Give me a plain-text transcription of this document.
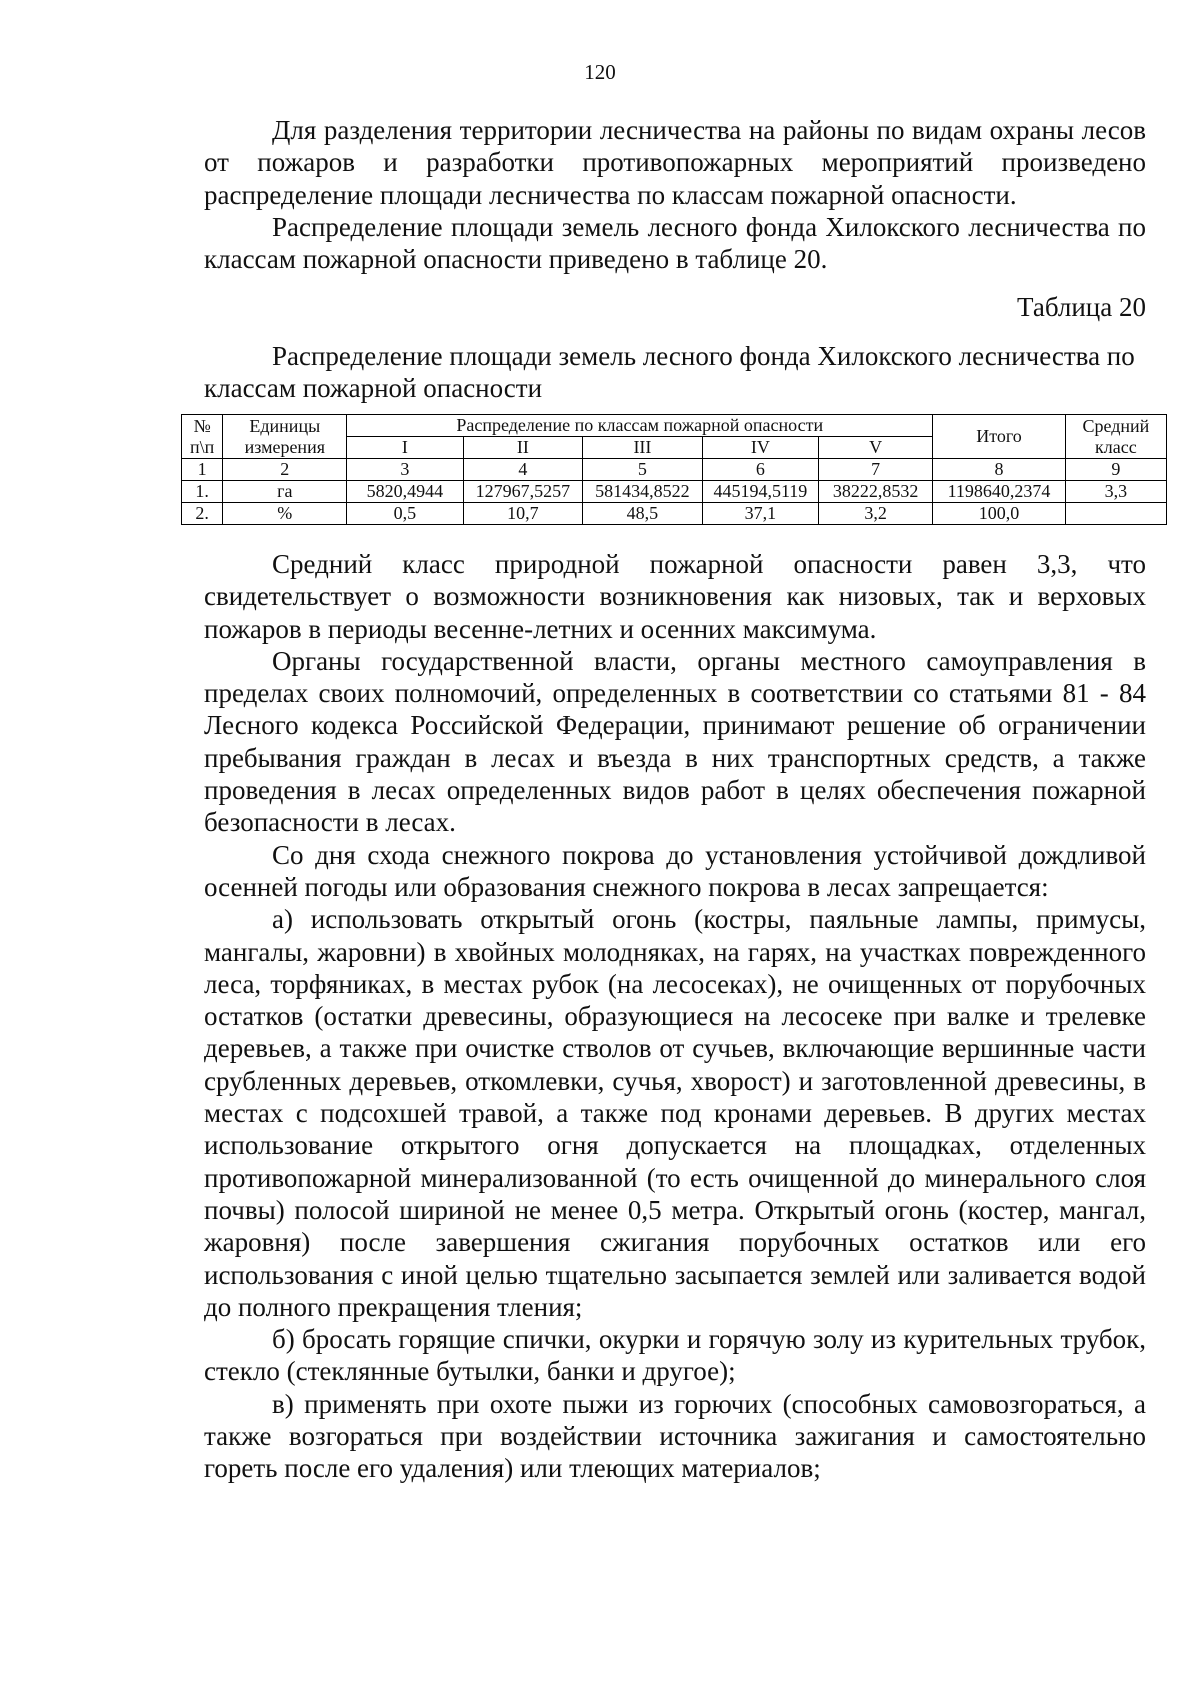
120

Для разделения территории лесничества на районы по видам охраны лесов от пожаров и разработки противопожарных мероприятий произведено распределение площади лесничества по классам пожарной опасности.

Распределение площади земель лесного фонда Хилокского лесничества по классам пожарной опасности приведено в таблице 20.

Таблица 20

Распределение площади земель лесного фонда Хилокского лесничества по классам пожарной опасности

№ п\п	Единицы измерения	Распределение по классам пожарной опасности					Итого	Средний класс
		I	II	III	IV	V		
1	2	3	4	5	6	7	8	9
1.	га	5820,4944	127967,5257	581434,8522	445194,5119	38222,8532	1198640,2374	3,3
2.	%	0,5	10,7	48,5	37,1	3,2	100,0	

Средний класс природной пожарной опасности равен 3,3, что свидетельствует о возможности возникновения как низовых, так и верховых пожаров в периоды весенне-летних и осенних максимума.

Органы государственной власти, органы местного самоуправления в пределах своих полномочий, определенных в соответствии со статьями 81 - 84 Лесного кодекса Российской Федерации, принимают решение об ограничении пребывания граждан в лесах и въезда в них транспортных средств, а также проведения в лесах определенных видов работ в целях обеспечения пожарной безопасности в лесах.

Со дня схода снежного покрова до установления устойчивой дождливой осенней погоды или образования снежного покрова в лесах запрещается:

а) использовать открытый огонь (костры, паяльные лампы, примусы, мангалы, жаровни) в хвойных молодняках, на гарях, на участках поврежденного леса, торфяниках, в местах рубок (на лесосеках), не очищенных от порубочных остатков (остатки древесины, образующиеся на лесосеке при валке и трелевке деревьев, а также при очистке стволов от сучьев, включающие вершинные части срубленных деревьев, откомлевки, сучья, хворост) и заготовленной древесины, в местах с подсохшей травой, а также под кронами деревьев. В других местах использование открытого огня допускается на площадках, отделенных противопожарной минерализованной (то есть очищенной до минерального слоя почвы) полосой шириной не менее 0,5 метра. Открытый огонь (костер, мангал, жаровня) после завершения сжигания порубочных остатков или его использования с иной целью тщательно засыпается землей или заливается водой до полного прекращения тления;

б) бросать горящие спички, окурки и горячую золу из курительных трубок, стекло (стеклянные бутылки, банки и другое);

в) применять при охоте пыжи из горючих (способных самовозгораться, а также возгораться при воздействии источника зажигания и самостоятельно гореть после его удаления) или тлеющих материалов;
